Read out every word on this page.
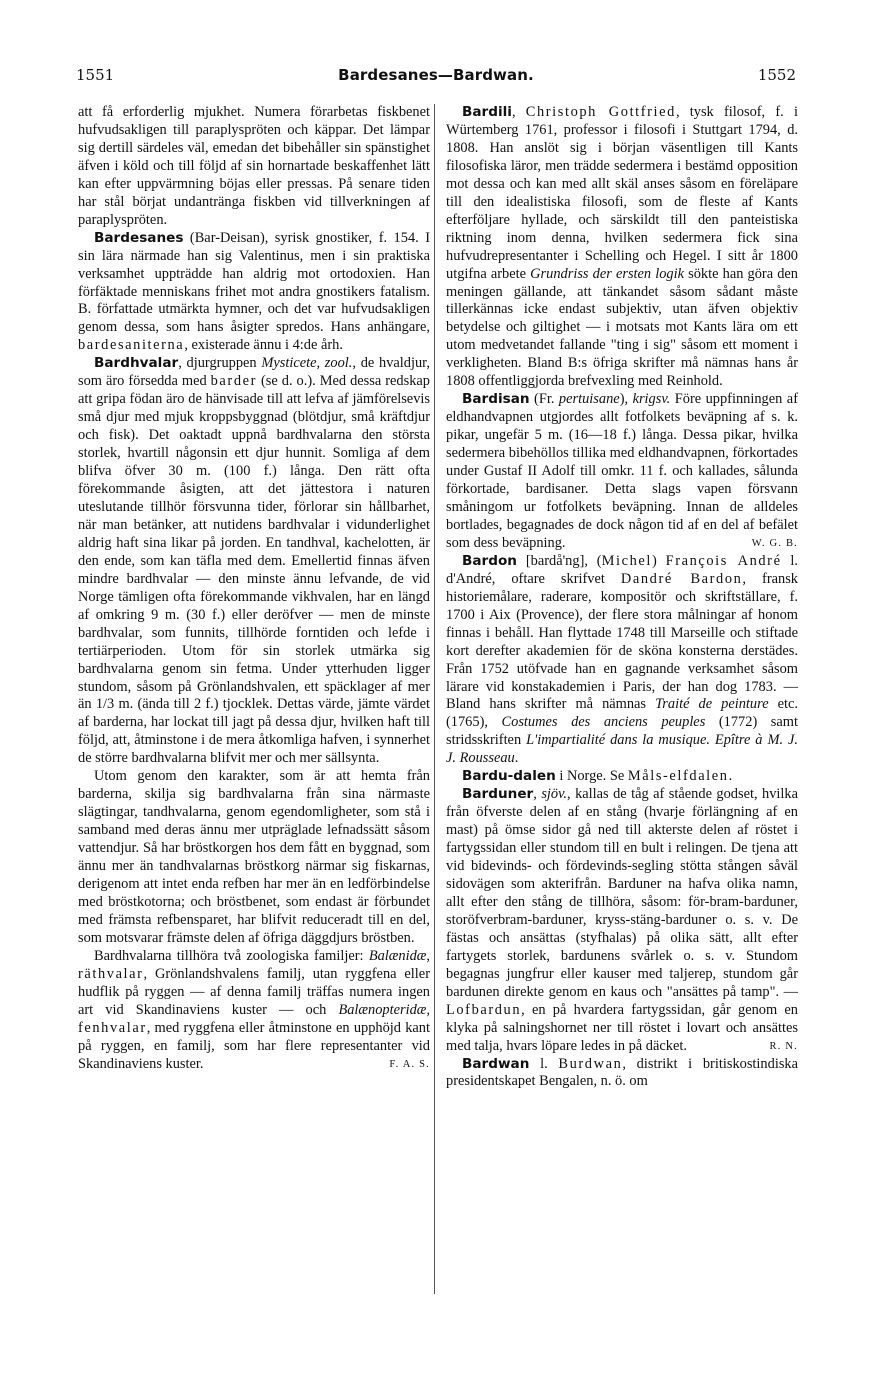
1551	Bardesanes—Bardwan.	1552

att få erforderlig mjukhet. Numera förarbetas fiskbenet hufvudsakligen till paraplyspröten och käppar. Det lämpar sig dertill särdeles väl, emedan det bibehåller sin spänstighet äfven i köld och till följd af sin hornartade beskaffenhet lätt kan efter uppvärmning böjas eller pressas. På senare tiden har stål börjat undantränga fiskben vid tillverkningen af paraplyspröten.

Bardesanes (Bar-Deisan), syrisk gnostiker, f. 154. I sin lära närmade han sig Valentinus, men i sin praktiska verksamhet uppträdde han aldrig mot ortodoxien. Han förfäktade menniskans frihet mot andra gnostikers fatalism. B. författade utmärkta hymner, och det var hufvudsakligen genom dessa, som hans åsigter spredos. Hans anhängare, bardesaniterna, existerade ännu i 4:de årh.

Bardhvalar, djurgruppen Mysticete, zool., de hvaldjur, som äro försedda med barder (se d. o.). Med dessa redskap att gripa födan äro de hänvisade till att lefva af jämförelsevis små djur med mjuk kroppsbyggnad (blötdjur, små kräftdjur och fisk). Det oaktadt uppnå bardhvalarna den största storlek, hvartill någonsin ett djur hunnit. Somliga af dem blifva öfver 30 m. (100 f.) långa. Den rätt ofta förekommande åsigten, att det jättestora i naturen uteslutande tillhör försvunna tider, förlorar sin hållbarhet, när man betänker, att nutidens bardhvalar i vidunderlighet aldrig haft sina likar på jorden. En tandhval, kachelotten, är den ende, som kan täfla med dem. Emellertid finnas äfven mindre bardhvalar — den minste ännu lefvande, de vid Norge tämligen ofta förekommande vikhvalen, har en längd af omkring 9 m. (30 f.) eller deröfver — men de minste bardhvalar, som funnits, tillhörde forntiden och lefde i tertiärperioden. Utom för sin storlek utmärka sig bardhvalarna genom sin fetma. Under ytterhuden ligger stundom, såsom på Grönlandshvalen, ett späcklager af mer än 1/3 m. (ända till 2 f.) tjocklek. Dettas värde, jämte värdet af barderna, har lockat till jagt på dessa djur, hvilken haft till följd, att, åtminstone i de mera åtkomliga hafven, i synnerhet de större bardhvalarna blifvit mer och mer sällsynta.

Utom genom den karakter, som är att hemta från barderna, skilja sig bardhvalarna från sina närmaste slägtingar, tandhvalarna, genom egendomligheter, som stå i samband med deras ännu mer utpräglade lefnadssätt såsom vattendjur. Så har bröstkorgen hos dem fått en byggnad, som ännu mer än tandhvalarnas bröstkorg närmar sig fiskarnas, derigenom att intet enda refben har mer än en ledförbindelse med bröstkotorna; och bröstbenet, som endast är förbundet med främsta refbensparet, har blifvit reduceradt till en del, som motsvarar främste delen af öfriga däggdjurs bröstben.

Bardhvalarna tillhöra två zoologiska familjer: Balænidæ, räthvalar, Grönlandshvalens familj, utan ryggfena eller hudflik på ryggen — af denna familj träffas numera ingen art vid Skandinaviens kuster — och Balænopteridæ, fenhvalar, med ryggfena eller åtminstone en upphöjd kant på ryggen, en familj, som har flere representanter vid Skandinaviens kuster.	F. A. S.

Bardili, Christoph Gottfried, tysk filosof, f. i Würtemberg 1761, professor i filosofi i Stuttgart 1794, d. 1808. Han anslöt sig i början väsentligen till Kants filosofiska läror, men trädde sedermera i bestämd opposition mot dessa och kan med allt skäl anses såsom en föreläpare till den idealistiska filosofi, som de fleste af Kants efterföljare hyllade, och särskildt till den panteistiska riktning inom denna, hvilken sedermera fick sina hufvudrepresentanter i Schelling och Hegel. I sitt år 1800 utgifna arbete Grundriss der ersten logik sökte han göra den meningen gällande, att tänkandet såsom sådant måste tillerkännas icke endast subjektiv, utan äfven objektiv betydelse och giltighet — i motsats mot Kants lära om ett utom medvetandet fallande "ting i sig" såsom ett moment i verkligheten. Bland B:s öfriga skrifter må nämnas hans år 1808 offentliggjorda brefvexling med Reinhold.

Bardisan (Fr. pertuisane), krigsv. Före uppfinningen af eldhandvapnen utgjordes allt fotfolkets beväpning af s. k. pikar, ungefär 5 m. (16—18 f.) långa. Dessa pikar, hvilka sedermera bibehöllos tillika med eldhandvapnen, förkortades under Gustaf II Adolf till omkr. 11 f. och kallades, sålunda förkortade, bardisaner. Detta slags vapen försvann småningom ur fotfolkets beväpning. Innan de alldeles bortlades, begagnades de dock någon tid af en del af befälet som dess beväpning.	W. G. B.

Bardon [bardå'ng], (Michel) François André l. d'André, oftare skrifvet Dandré Bardon, fransk historiemålare, raderare, kompositör och skriftställare, f. 1700 i Aix (Provence), der flere stora målningar af honom finnas i behåll. Han flyttade 1748 till Marseille och stiftade kort derefter akademien för de sköna konsterna derstädes. Från 1752 utöfvade han en gagnande verksamhet såsom lärare vid konstakademien i Paris, der han dog 1783. — Bland hans skrifter må nämnas Traité de peinture etc. (1765), Costumes des anciens peuples (1772) samt stridsskriften L'impartialité dans la musique. Epître à M. J. J. Rousseau.

Bardu-dalen i Norge. Se Måls-elfdalen.

Barduner, sjöv., kallas de tåg af stående godset, hvilka från öfverste delen af en stång (hvarje förlängning af en mast) på ömse sidor gå ned till akterste delen af röstet i fartygssidan eller stundom till en bult i relingen. De tjena att vid bidevinds- och fördevinds-segling stötta stången såväl sidovägen som akterifrån. Barduner na hafva olika namn, allt efter den stång de tillhöra, såsom: för-bram-barduner, storöfverbram-barduner, kryss-stäng-barduner o. s. v. De fästas och ansättas (styfhalas) på olika sätt, allt efter fartygets storlek, bardunens svårlek o. s. v. Stundom begagnas jungfrur eller kauser med taljerep, stundom går bardunen direkte genom en kaus och "ansättes på tamp". — Lofbardun, en på hvardera fartygssidan, går genom en klyka på salningshornet ner till röstet i lovart och ansättes med talja, hvars löpare ledes in på däcket.	R. N.

Bardwan l. Burdwan, distrikt i britiskostindiska presidentskapet Bengalen, n. ö. om
